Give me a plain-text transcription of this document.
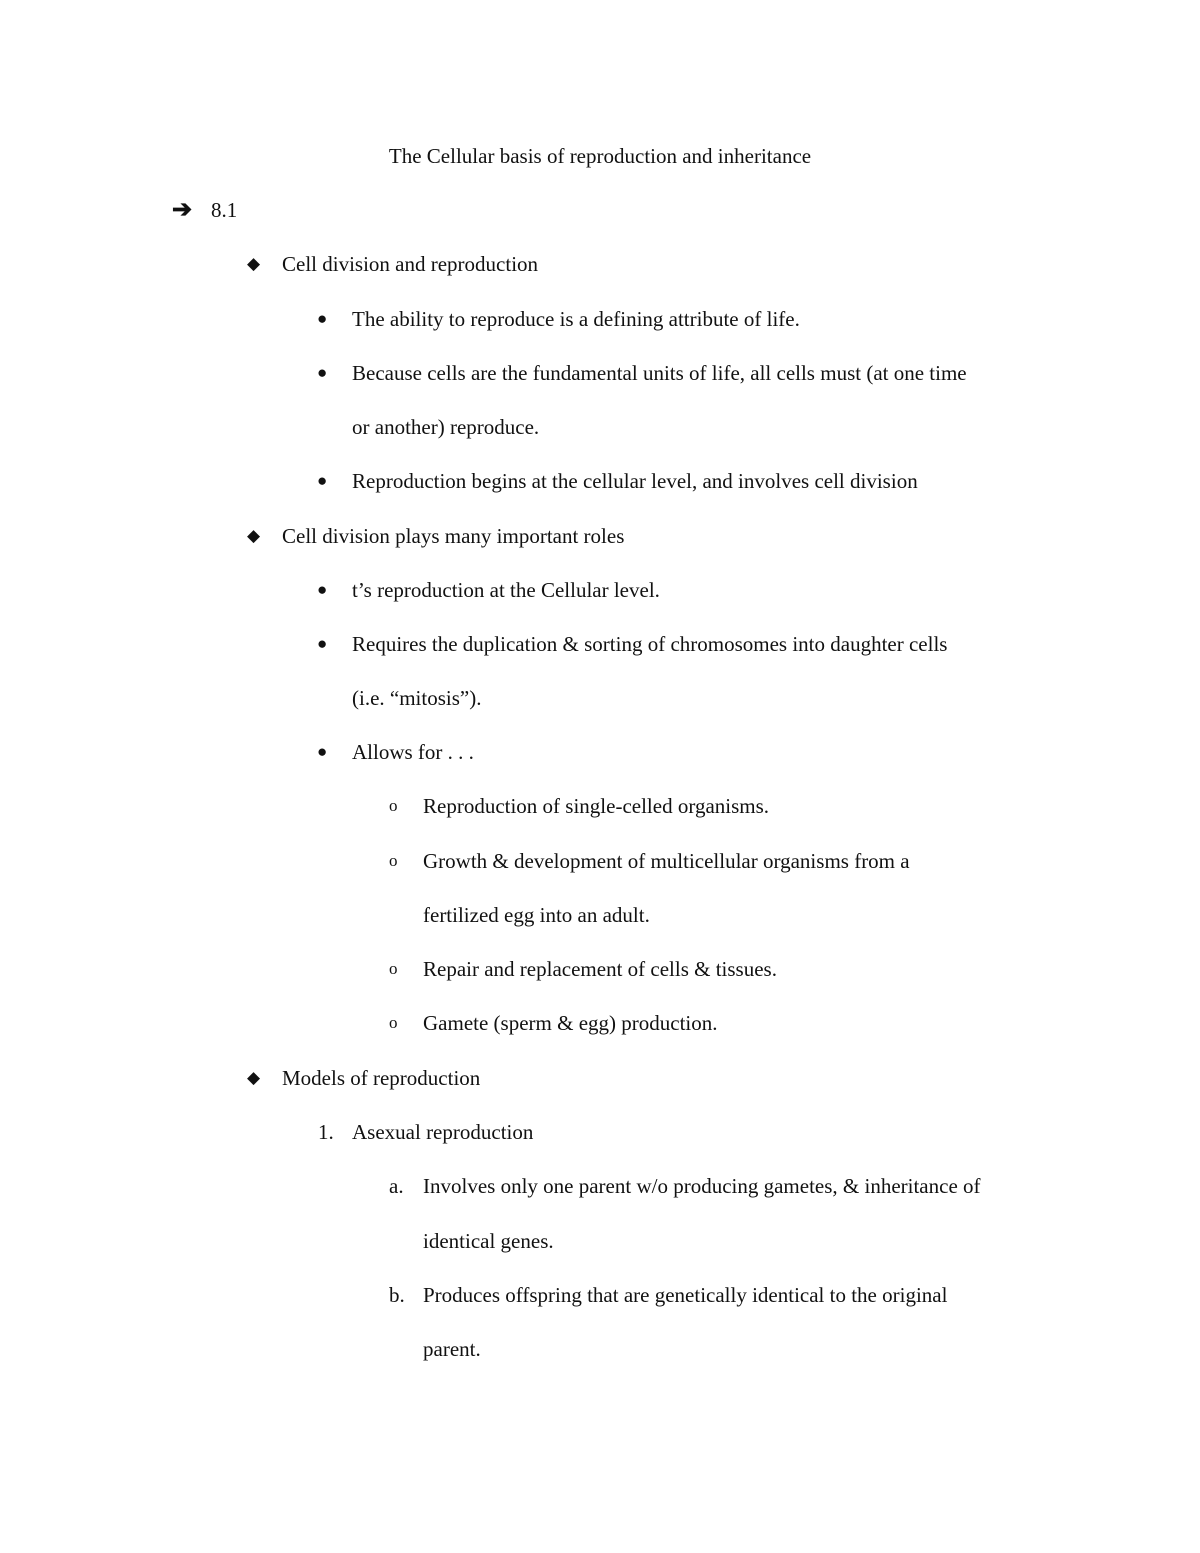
The Cellular basis of reproduction and inheritance
➔ 8.1
◆ Cell division and reproduction
● The ability to reproduce is a defining attribute of life.
● Because cells are the fundamental units of life, all cells must (at one time
or another) reproduce.
● Reproduction begins at the cellular level, and involves cell division
◆ Cell division plays many important roles
● t’s reproduction at the Cellular level.
● Requires the duplication & sorting of chromosomes into daughter cells
(i.e. “mitosis”).
● Allows for . . .
o Reproduction of single-celled organisms.
o Growth & development of multicellular organisms from a
fertilized egg into an adult.
o Repair and replacement of cells & tissues.
o Gamete (sperm & egg) production.
◆ Models of reproduction
1. Asexual reproduction
a. Involves only one parent w/o producing gametes, & inheritance of
identical genes.
b. Produces offspring that are genetically identical to the original
parent.
